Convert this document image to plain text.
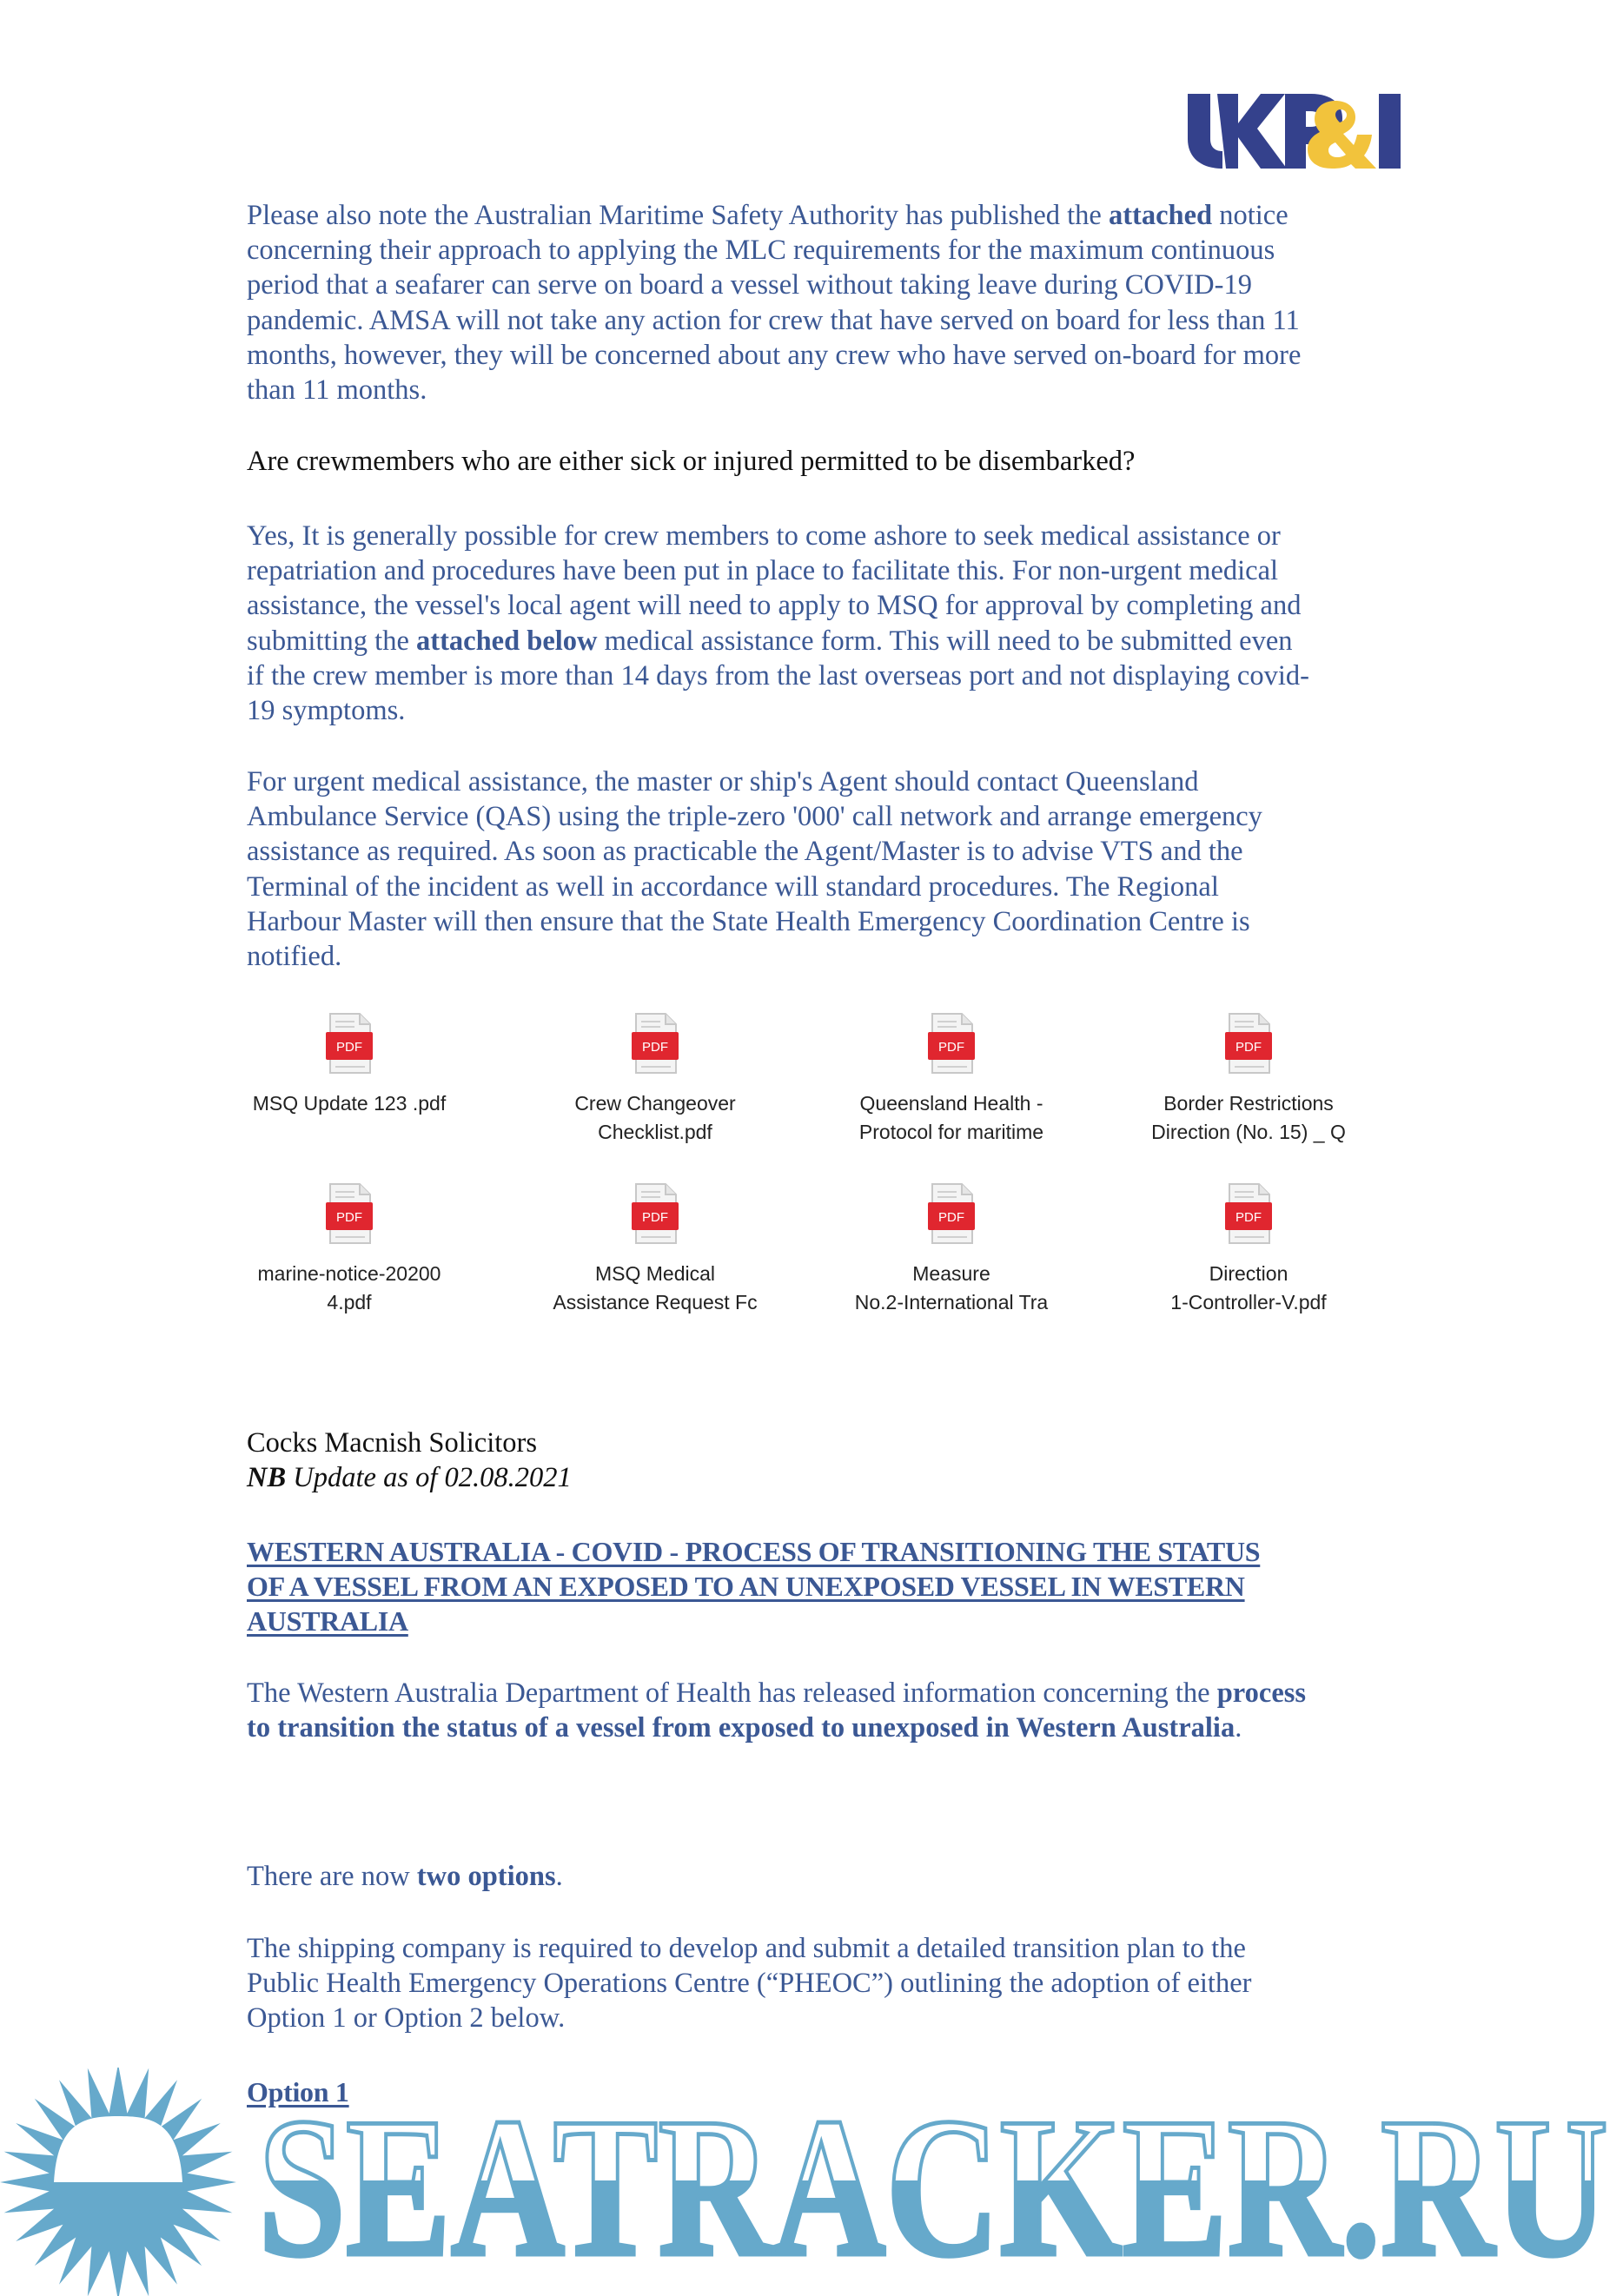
Please also note the Australian Maritime Safety Authority has published the attached notice
concerning their approach to applying the MLC requirements for the maximum continuous
period that a seafarer can serve on board a vessel without taking leave during COVID-19
pandemic. AMSA will not take any action for crew that have served on board for less than 11
months, however, they will be concerned about any crew who have served on-board for more
than 11 months.
Are crewmembers who are either sick or injured permitted to be disembarked?
Yes, It is generally possible for crew members to come ashore to seek medical assistance or
repatriation and procedures have been put in place to facilitate this. For non-urgent medical
assistance, the vessel's local agent will need to apply to MSQ for approval by completing and
submitting the attached below medical assistance form. This will need to be submitted even
if the crew member is more than 14 days from the last overseas port and not displaying covid-
19 symptoms.
For urgent medical assistance, the master or ship's Agent should contact Queensland
Ambulance Service (QAS) using the triple-zero '000' call network and arrange emergency
assistance as required. As soon as practicable the Agent/Master is to advise VTS and the
Terminal of the incident as well in accordance will standard procedures. The Regional
Harbour Master will then ensure that the State Health Emergency Coordination Centre is
notified.
PDF
MSQ Update 123 .pdf
PDF
Crew Changeover
Checklist.pdf
PDF
Queensland Health -
Protocol for maritime
PDF
Border Restrictions
Direction (No. 15) _ Q
PDF
marine-notice-20200
4.pdf
PDF
MSQ Medical
Assistance Request Fc
PDF
Measure
No.2-International Tra
PDF
Direction
1-Controller-V.pdf
Cocks Macnish Solicitors
NB Update as of 02.08.2021
WESTERN AUSTRALIA - COVID - PROCESS OF TRANSITIONING THE STATUS
OF A VESSEL FROM AN EXPOSED TO AN UNEXPOSED VESSEL IN WESTERN
AUSTRALIA
The Western Australia Department of Health has released information concerning the process
to transition the status of a vessel from exposed to unexposed in Western Australia.
There are now two options.
The shipping company is required to develop and submit a detailed transition plan to the
Public Health Emergency Operations Centre (“PHEOC”) outlining the adoption of either
Option 1 or Option 2 below.
Option 1
SEATRACKER.RU
